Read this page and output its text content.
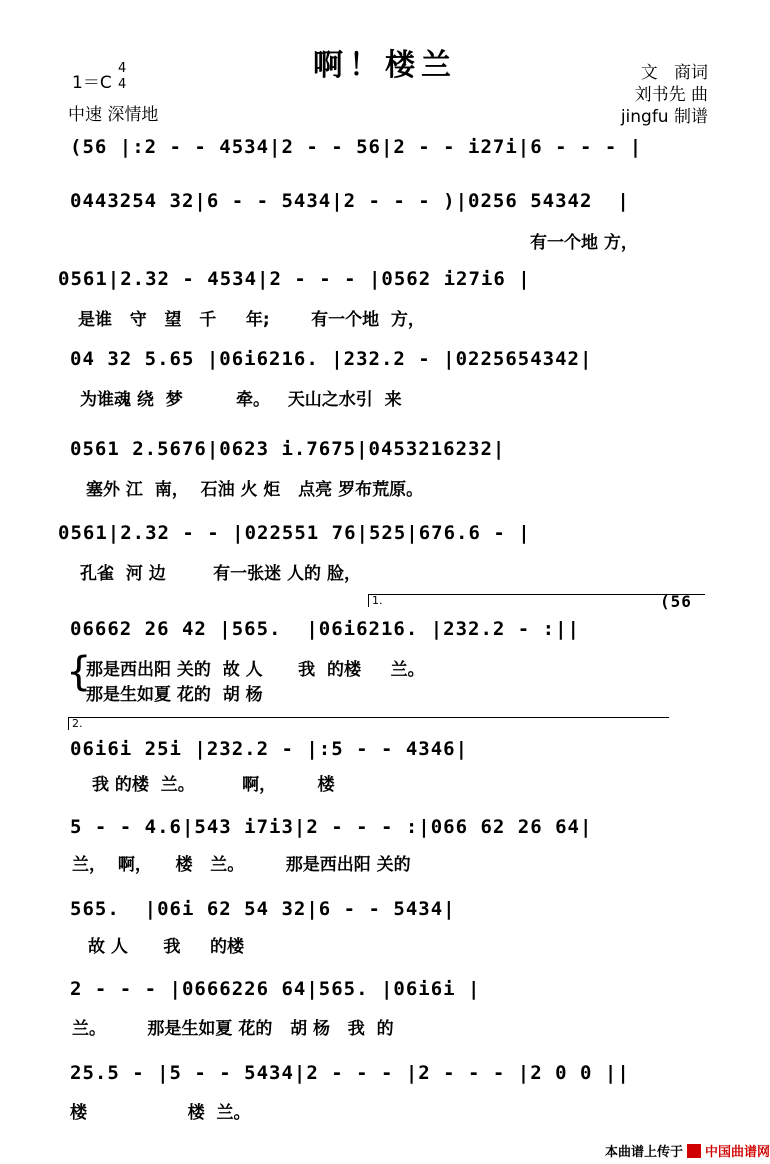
啊！楼兰
1＝C
4
4
中速 深情地
文   商词
刘书先 曲
jingfu 制谱
(56 |:2 - - 4534|2 - - 56|2 - - i27i|6 - - - |
0443254 32|6 - - 5434|2 - - - )|0256 54342  |
有一个地 方，
0561|2.32 - 4534|2 - - - |0562 i27i6 |
是谁   守   望   千     年;       有一个地  方，
04 32 5.65 |06i6216. |232.2 - |0225654342|
为谁魂 绕  梦         牵。   天山之水引  来
0561 2.5676|0623 i.7675|0453216232|
塞外 江  南，  石油 火 炬   点亮 罗布荒原。
0561|2.32 - - |022551 76|525|676.6 - |
孔雀  河 边        有一张迷 人的 脸，
1.	(56
06662 26 42 |565.  |06i6216. |232.2 - :||
{
那是西出阳 关的  故 人      我  的楼     兰。
那是生如夏 花的  胡 杨
2.
06i6i 25i |232.2 - |:5 - - 4346|
我 的楼  兰。        啊，       楼
5 - - 4.6|543 i7i3|2 - - - :|066 62 26 64|
兰，  啊，    楼   兰。       那是西出阳 关的
565.  |06i 62 54 32|6 - - 5434|
故 人      我     的楼
2 - - - |0666226 64|565. |06i6i |
兰。       那是生如夏 花的   胡 杨   我  的
25.5 - |5 - - 5434|2 - - - |2 - - - |2 0 0 ||
楼                 楼  兰。
本曲谱上传于 中国曲谱网
